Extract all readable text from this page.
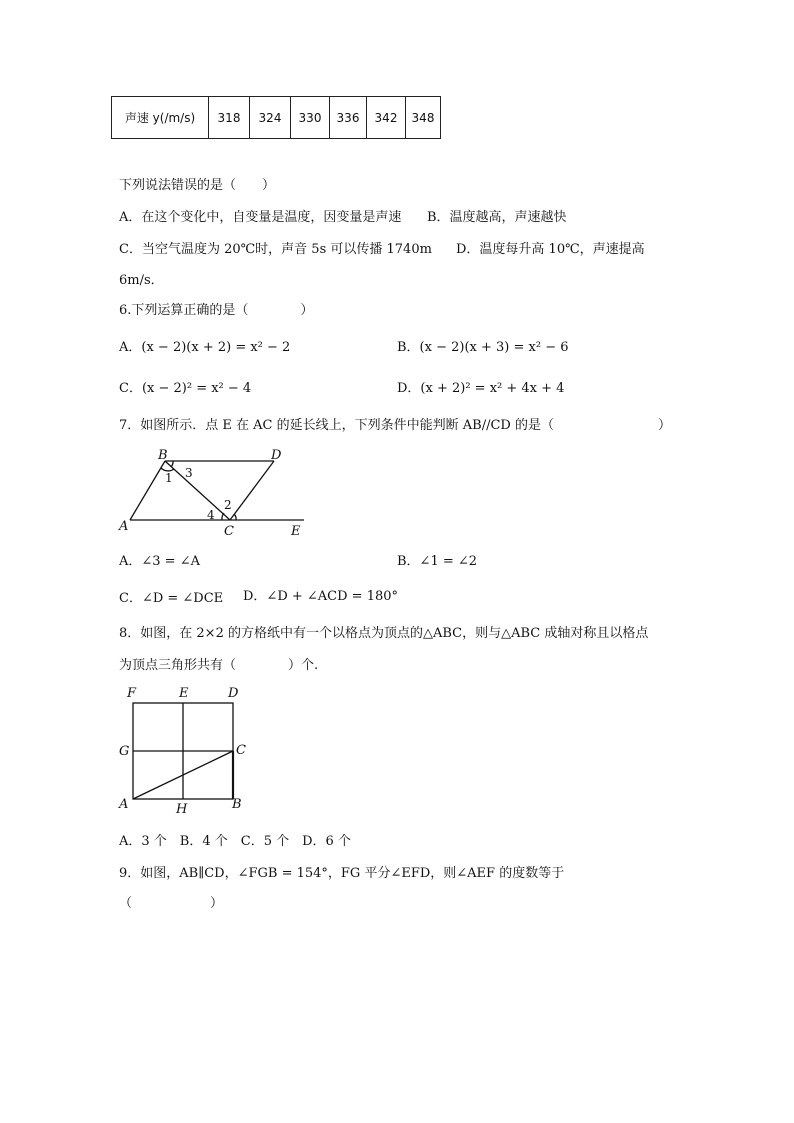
声速 y(/m/s)	318	324	330	336	342	348
下列说法错误的是（　　）
A．在这个变化中，自变量是温度，因变量是声速 B．温度越高，声速越快
C．当空气温度为 20℃时，声音 5s 可以传播 1740m D．温度每升高 10℃，声速提高
6m/s．
6.下列运算正确的是（　　　　）
A．(x − 2)(x + 2) = x² − 2	B．(x − 2)(x + 3) = x² − 6
C．(x − 2)² = x² − 4	D．(x + 2)² = x² + 4x + 4
7．如图所示．点 E 在 AC 的延长线上，下列条件中能判断 AB//CD 的是（　　　　　　　　）
B	D
A	C	E
1 3
2
4
A．∠3 = ∠A	B．∠1 = ∠2
C．∠D = ∠DCE D．∠D + ∠ACD = 180°
8．如图，在 2×2 的方格纸中有一个以格点为顶点的△ABC，则与△ABC 成轴对称且以格点
为顶点三角形共有（　　　　）个.
F	E	D
G	C
A	H	B
A．3 个　B．4 个　C．5 个　D．6 个
9．如图，AB∥CD，∠FGB = 154°，FG 平分∠EFD，则∠AEF 的度数等于
（　　　　　　）
